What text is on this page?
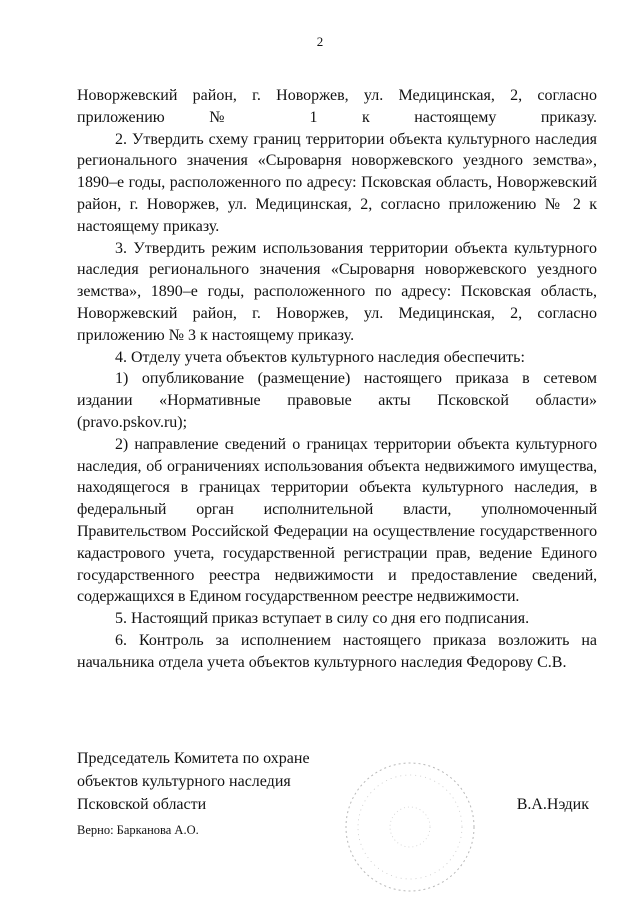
2

Новоржевский район, г. Новоржев, ул. Медицинская, 2, согласно приложению № 1 к настоящему приказу.

2. Утвердить схему границ территории объекта культурного наследия регионального значения «Сыроварня новоржевского уездного земства», 1890–е годы, расположенного по адресу: Псковская область, Новоржевский район, г. Новоржев, ул. Медицинская, 2, согласно приложению № 2 к настоящему приказу.

3. Утвердить режим использования территории объекта культурного наследия регионального значения «Сыроварня новоржевского уездного земства», 1890–е годы, расположенного по адресу: Псковская область, Новоржевский район, г. Новоржев, ул. Медицинская, 2, согласно приложению № 3 к настоящему приказу.

4. Отделу учета объектов культурного наследия обеспечить:

1) опубликование (размещение) настоящего приказа в сетевом издании «Нормативные правовые акты Псковской области» (pravo.pskov.ru);

2) направление сведений о границах территории объекта культурного наследия, об ограничениях использования объекта недвижимого имущества, находящегося в границах территории объекта культурного наследия, в федеральный орган исполнительной власти, уполномоченный Правительством Российской Федерации на осуществление государственного кадастрового учета, государственной регистрации прав, ведение Единого государственного реестра недвижимости и предоставление сведений, содержащихся в Едином государственном реестре недвижимости.

5. Настоящий приказ вступает в силу со дня его подписания.

6. Контроль за исполнением настоящего приказа возложить на начальника отдела учета объектов культурного наследия Федорову С.В.

Председатель Комитета по охране

объектов культурного наследия

Псковской области	В.А.Нэдик

Верно: Барканова А.О.
